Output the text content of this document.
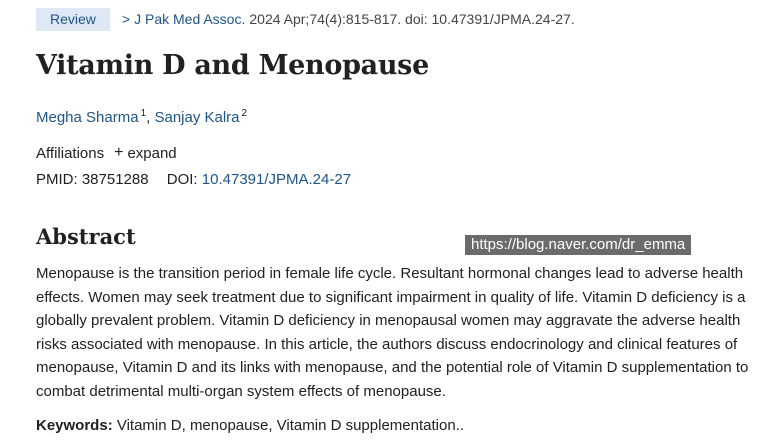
Review	> J Pak Med Assoc. 2024 Apr;74(4):815-817. doi: 10.47391/JPMA.24-27.
Vitamin D and Menopause
Megha Sharma $^1$, Sanjay Kalra $^2$
Affiliations + expand
PMID: 38751288 DOI: 10.47391/JPMA.24-27
Abstract	https://blog.naver.com/dr_emma

Menopause is the transition period in female life cycle. Resultant hormonal changes lead to adverse health effects. Women may seek treatment due to significant impairment in quality of life. Vitamin D deficiency is a globally prevalent problem. Vitamin D deficiency in menopausal women may aggravate the adverse health risks associated with menopause. In this article, the authors discuss endocrinology and clinical features of menopause, Vitamin D and its links with menopause, and the potential role of Vitamin D supplementation to combat detrimental multi-organ system effects of menopause.

Keywords: Vitamin D, menopause, Vitamin D supplementation..
